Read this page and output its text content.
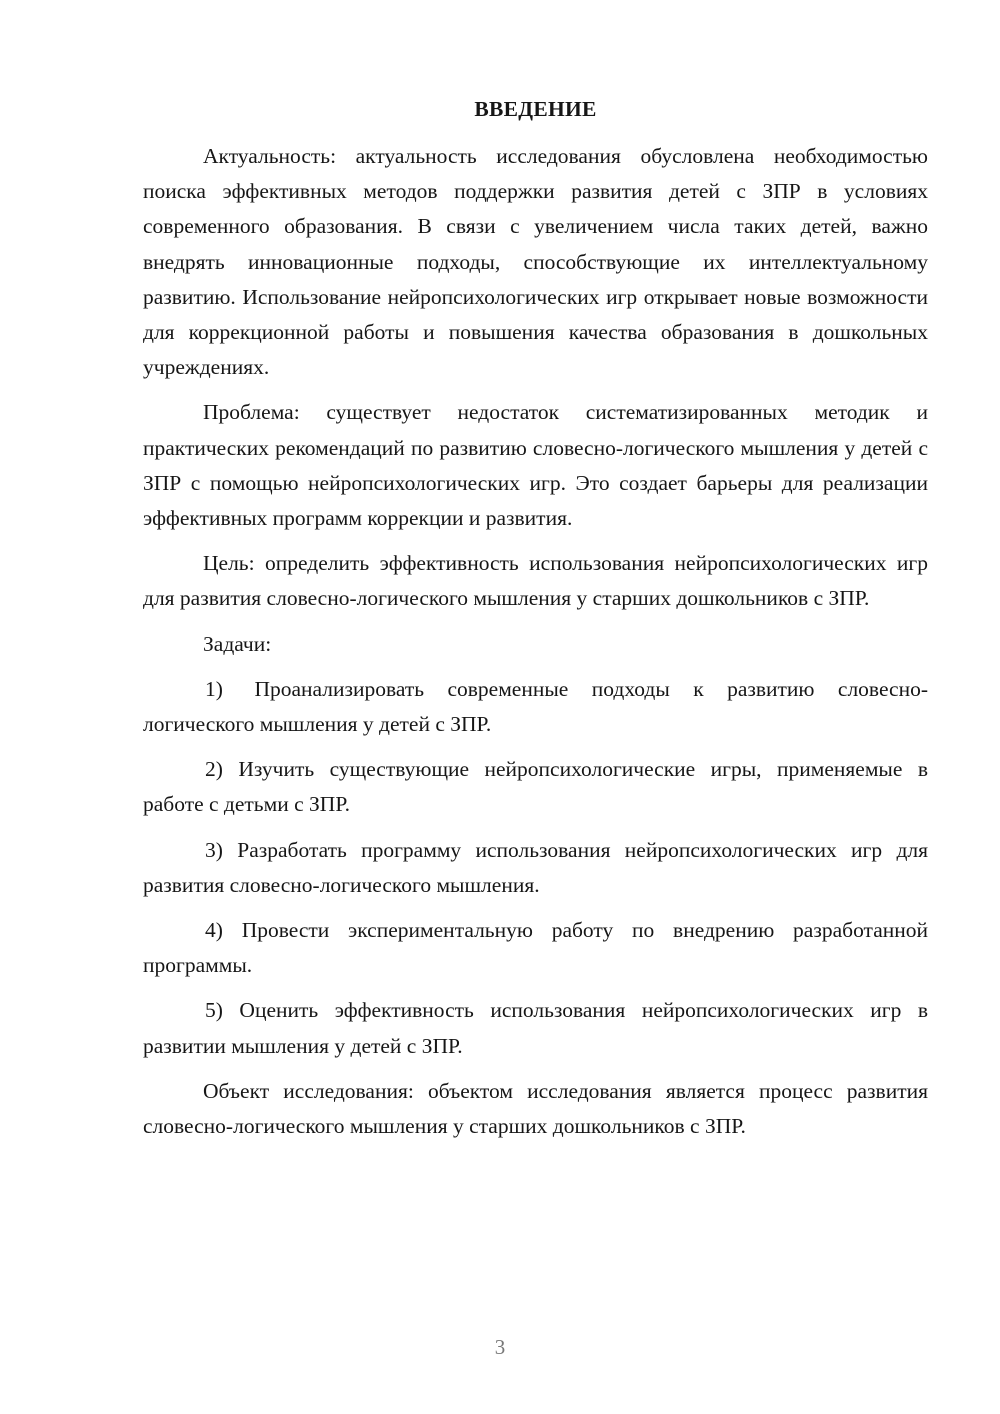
ВВЕДЕНИЕ

Актуальность: актуальность исследования обусловлена необходимостью поиска эффективных методов поддержки развития детей с ЗПР в условиях современного образования. В связи с увеличением числа таких детей, важно внедрять инновационные подходы, способствующие их интеллектуальному развитию. Использование нейропсихологических игр открывает новые возможности для коррекционной работы и повышения качества образования в дошкольных учреждениях.

Проблема: существует недостаток систематизированных методик и практических рекомендаций по развитию словесно-логического мышления у детей с ЗПР с помощью нейропсихологических игр. Это создает барьеры для реализации эффективных программ коррекции и развития.

Цель: определить эффективность использования нейропсихологических игр для развития словесно-логического мышления у старших дошкольников с ЗПР.

Задачи:

1) Проанализировать современные подходы к развитию словесно-логического мышления у детей с ЗПР.

2) Изучить существующие нейропсихологические игры, применяемые в работе с детьми с ЗПР.

3) Разработать программу использования нейропсихологических игр для развития словесно-логического мышления.

4) Провести экспериментальную работу по внедрению разработанной программы.

5) Оценить эффективность использования нейропсихологических игр в развитии мышления у детей с ЗПР.

Объект исследования: объектом исследования является процесс развития словесно-логического мышления у старших дошкольников с ЗПР.

3
